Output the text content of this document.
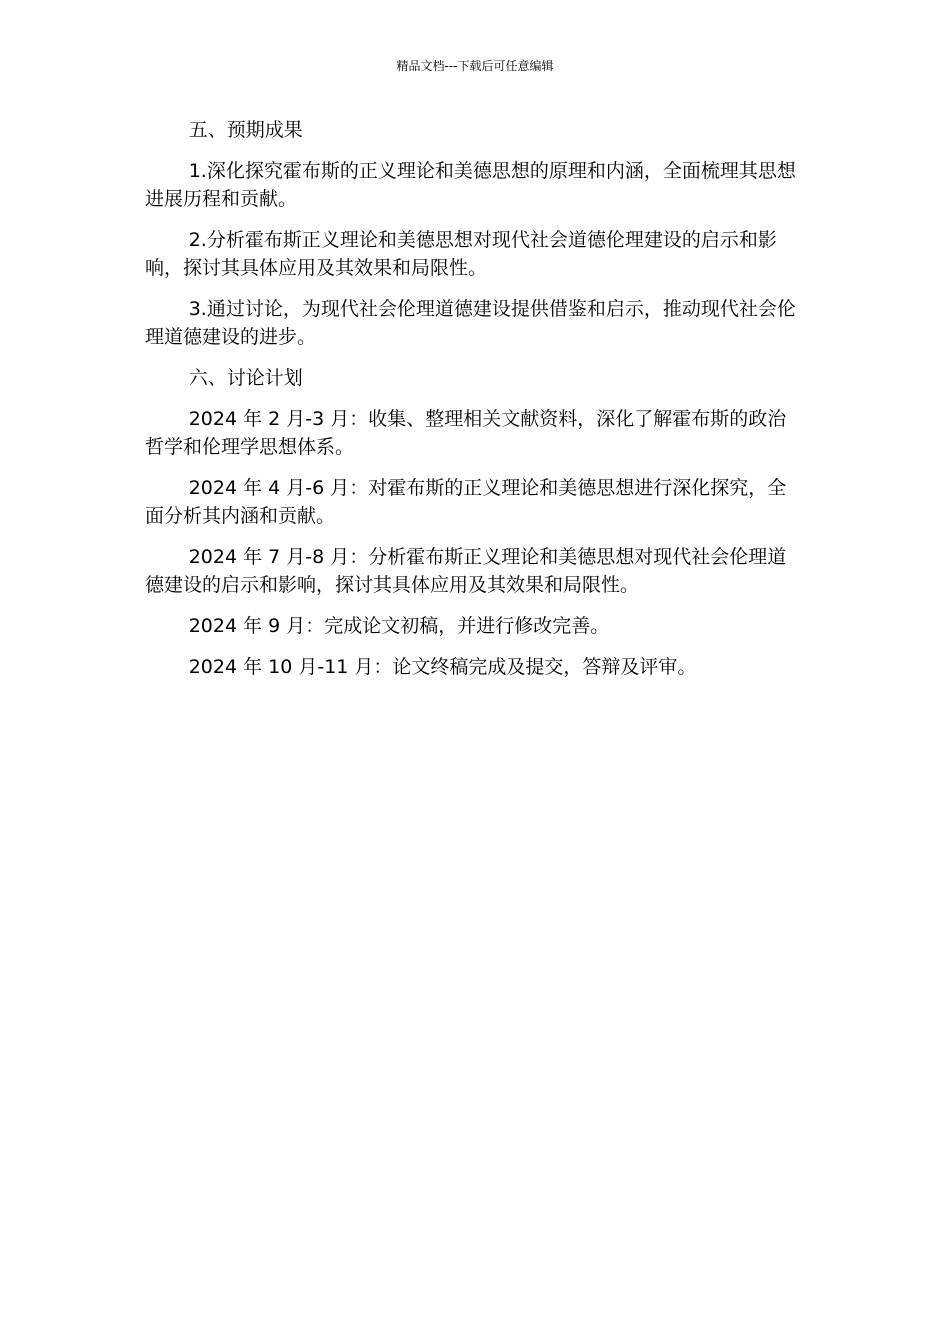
精品文档---下载后可任意编辑

五、预期成果

1.深化探究霍布斯的正义理论和美德思想的原理和内涵，全面梳理其思想进展历程和贡献。

2.分析霍布斯正义理论和美德思想对现代社会道德伦理建设的启示和影响，探讨其具体应用及其效果和局限性。

3.通过讨论，为现代社会伦理道德建设提供借鉴和启示，推动现代社会伦理道德建设的进步。

六、讨论计划

2024 年 2 月-3 月：收集、整理相关文献资料，深化了解霍布斯的政治哲学和伦理学思想体系。

2024 年 4 月-6 月：对霍布斯的正义理论和美德思想进行深化探究，全面分析其内涵和贡献。

2024 年 7 月-8 月：分析霍布斯正义理论和美德思想对现代社会伦理道德建设的启示和影响，探讨其具体应用及其效果和局限性。

2024 年 9 月：完成论文初稿，并进行修改完善。

2024 年 10 月-11 月：论文终稿完成及提交，答辩及评审。
